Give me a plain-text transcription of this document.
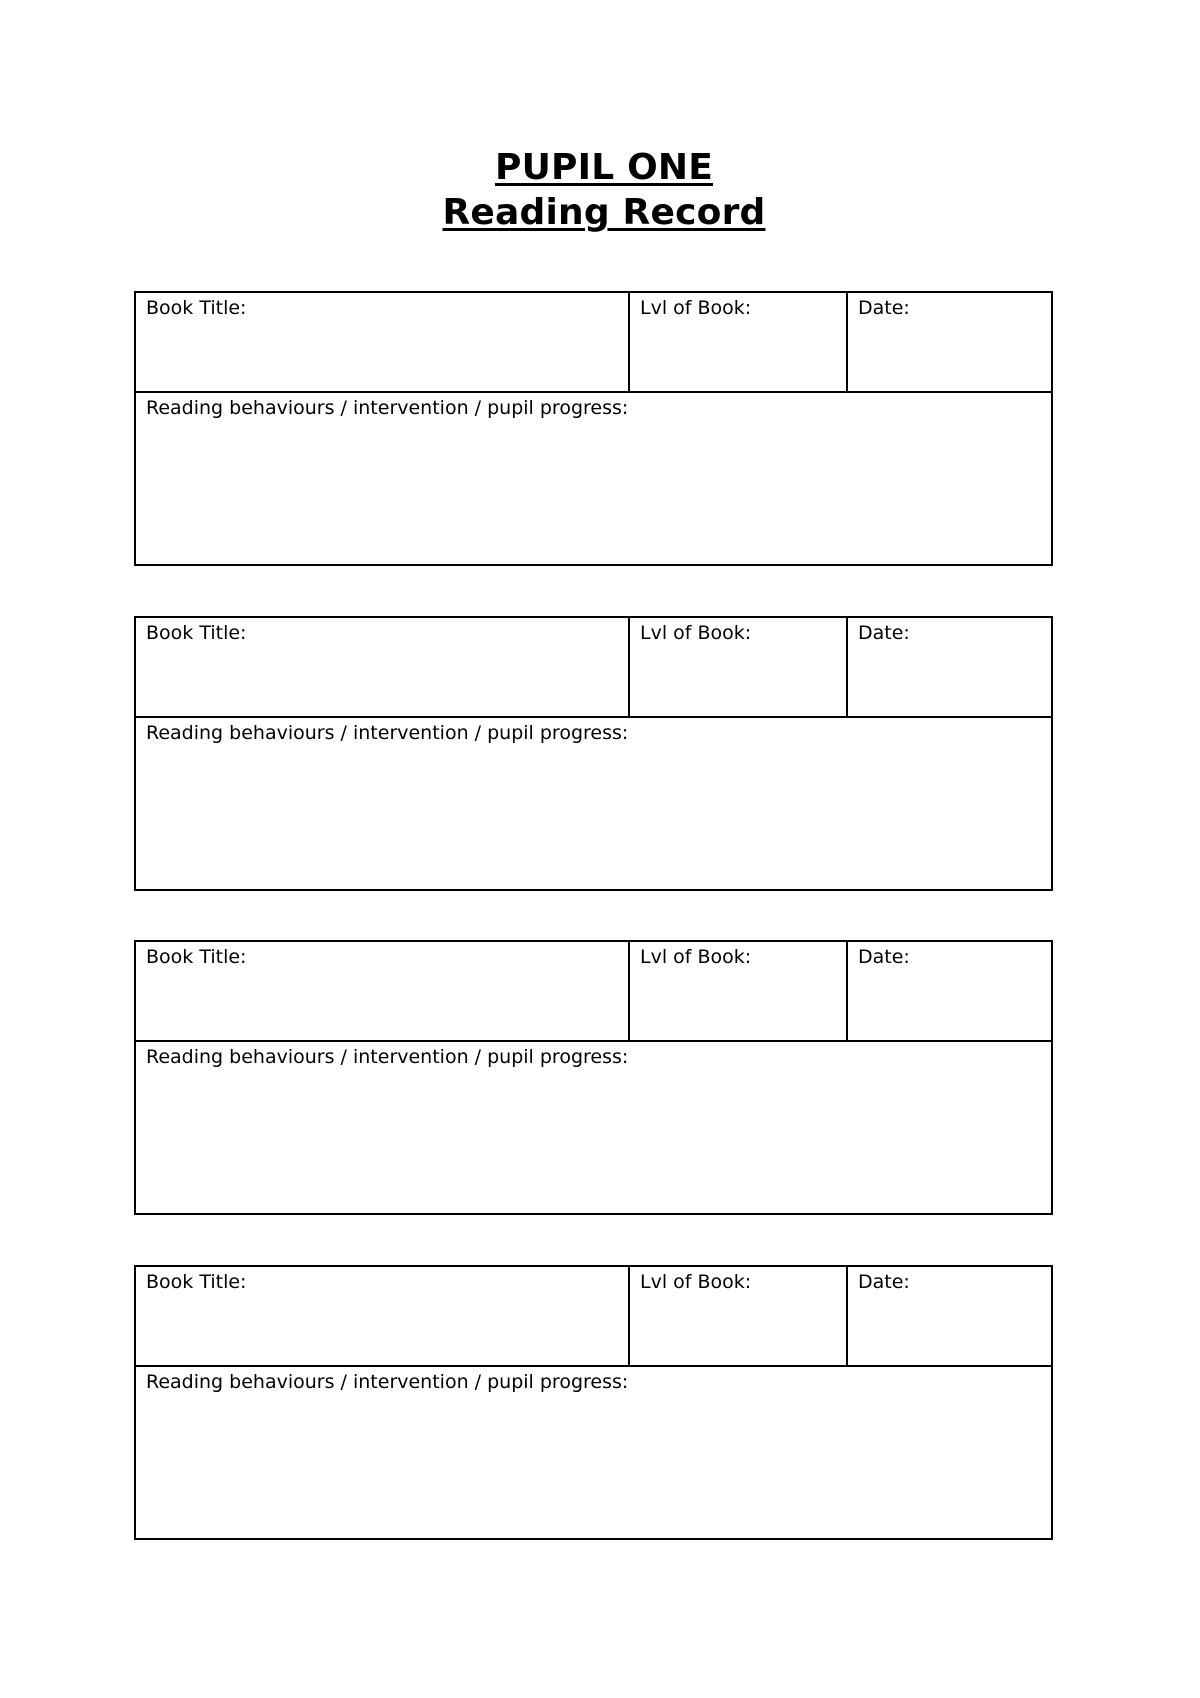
PUPIL ONE
Reading Record
Book Title:	Lvl of Book:	Date:
Reading behaviours / intervention / pupil progress:
Book Title:	Lvl of Book:	Date:
Reading behaviours / intervention / pupil progress:
Book Title:	Lvl of Book:	Date:
Reading behaviours / intervention / pupil progress:
Book Title:	Lvl of Book:	Date:
Reading behaviours / intervention / pupil progress:
